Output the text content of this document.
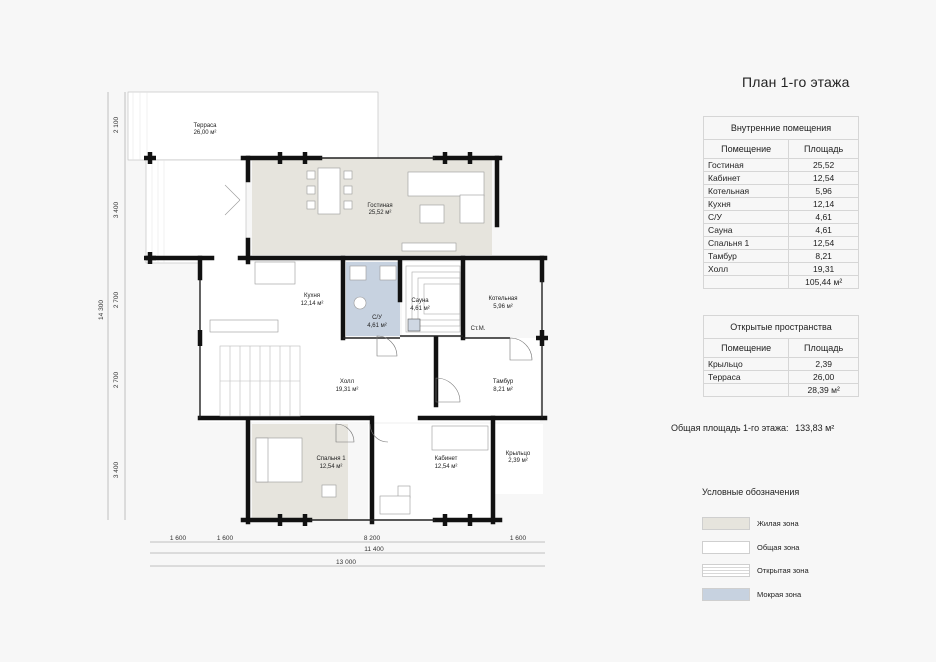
Терраса
26,00 м²
Гостиная
25,52 м²
Кухня
12,14 м²
С/У
4,61 м²
Сауна
4,61 м²
Котельная
5,96 м²
Ст.М.
Холл
19,31 м²
Тамбур
8,21 м²
Спальня 1
12,54 м²
Кабинет
12,54 м²
Крыльцо
2,39 м²
2 100
3 400
2 700
2 700
3 400
14 300
1 600	1 600	8 200	1 600
11 400
13 000
План 1-го этажа
Внутренние помещения	
Помещение	Площадь
Гостиная	25,52
Кабинет	12,54
Котельная	5,96
Кухня	12,14
С/У	4,61
Сауна	4,61
Спальня 1	12,54
Тамбур	8,21
Холл	19,31
	105,44 м²
Открытые пространства	
Помещение	Площадь
Крыльцо	2,39
Терраса	26,00
	28,39 м²
Общая площадь 1-го этажа: 133,83 м²
Условные обозначения
Жилая зона
Общая зона
Открытая зона
Мокрая зона
